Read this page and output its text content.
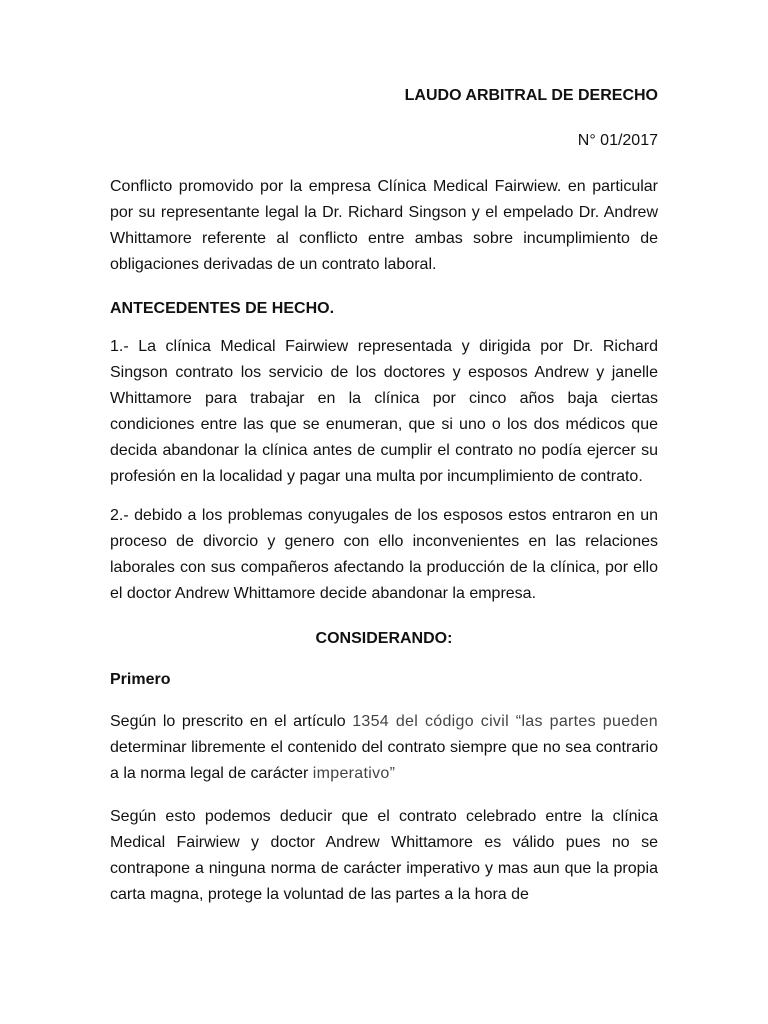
LAUDO ARBITRAL DE DERECHO
N° 01/2017

Conflicto promovido por la empresa Clínica Medical Fairwiew. en particular por su representante legal la Dr. Richard Singson y el empelado Dr. Andrew Whittamore referente al conflicto entre ambas sobre incumplimiento de obligaciones derivadas de un contrato laboral.

ANTECEDENTES DE HECHO.

1.- La clínica Medical Fairwiew representada y dirigida por Dr. Richard Singson contrato los servicio de los doctores y esposos Andrew y janelle Whittamore para trabajar en la clínica por cinco años baja ciertas condiciones entre las que se enumeran, que si uno o los dos médicos que decida abandonar la clínica antes de cumplir el contrato no podía ejercer su profesión en la localidad y pagar una multa por incumplimiento de contrato.

2.- debido a los problemas conyugales de los esposos estos entraron en un proceso de divorcio y genero con ello inconvenientes en las relaciones laborales con sus compañeros afectando la producción de la clínica, por ello el doctor Andrew Whittamore decide abandonar la empresa.

CONSIDERANDO:
Primero

Según lo prescrito en el artículo 1354 del código civil “las partes pueden determinar libremente el contenido del contrato siempre que no sea contrario a la norma legal de carácter imperativo”

Según esto podemos deducir que el contrato celebrado entre la clínica Medical Fairwiew y doctor Andrew Whittamore es válido pues no se contrapone a ninguna norma de carácter imperativo y mas aun que la propia carta magna, protege la voluntad de las partes a la hora de
